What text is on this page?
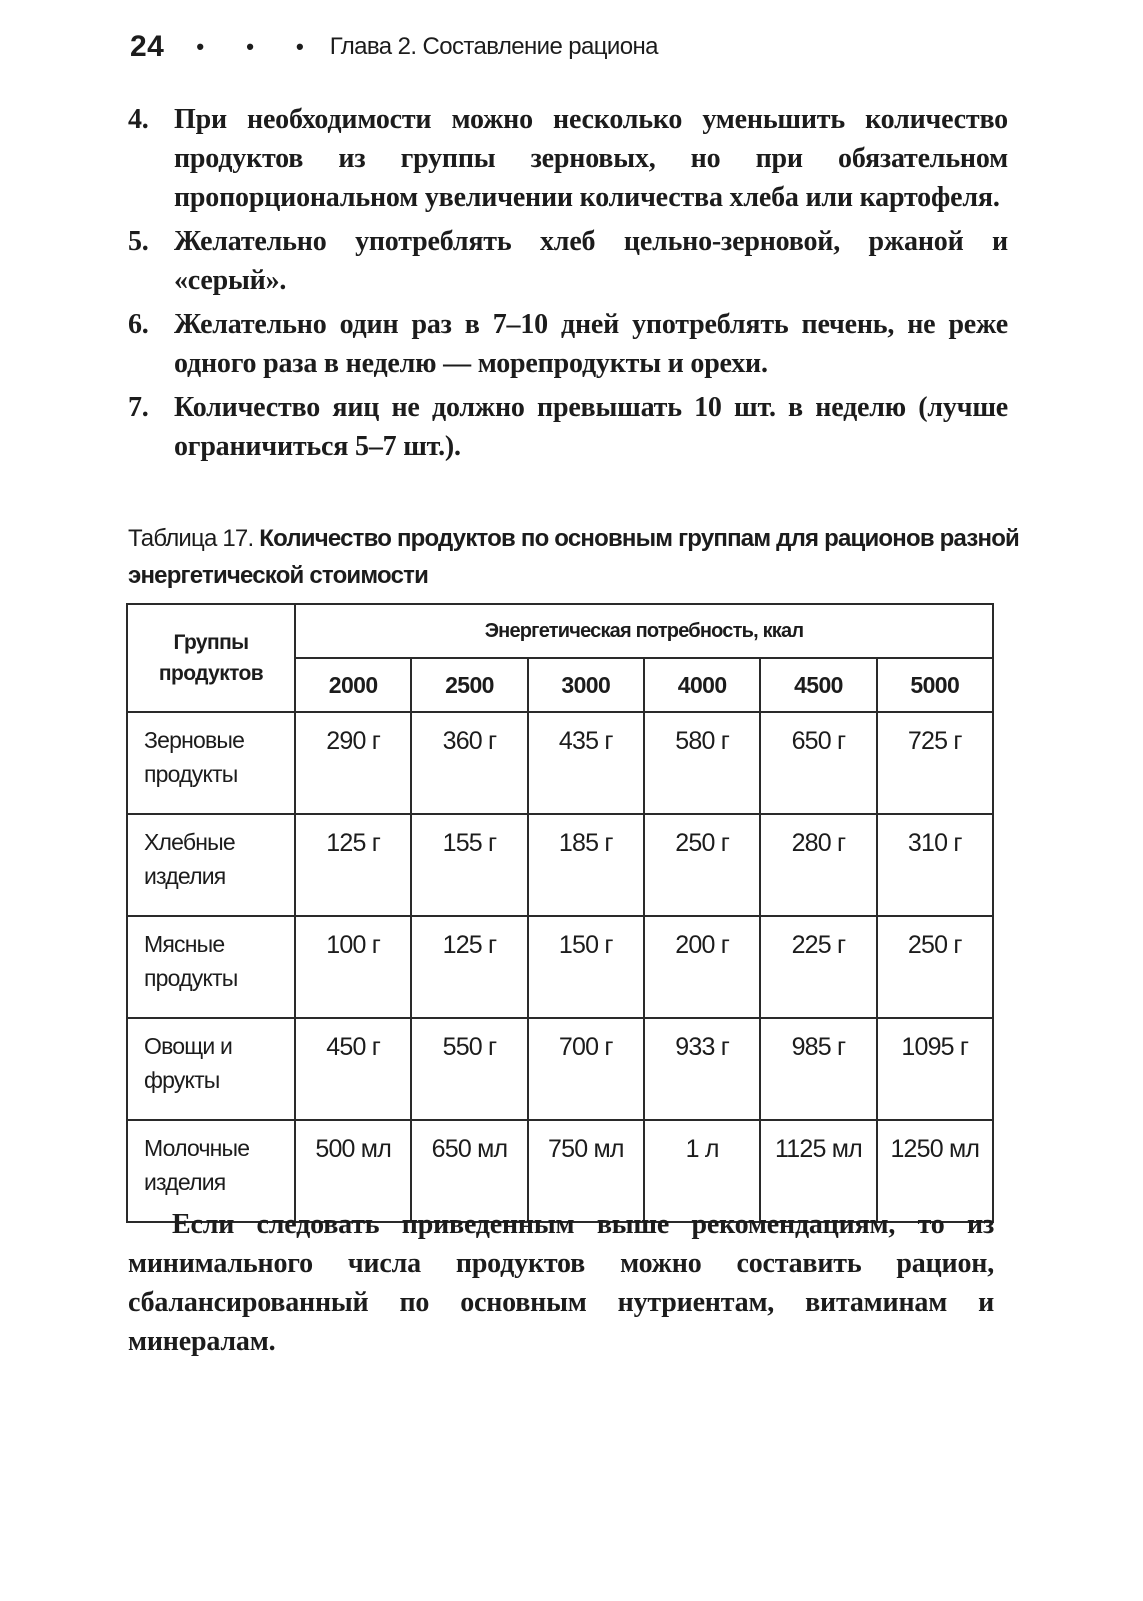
24 • • • Глава 2. Составление рациона
4. При необходимости можно несколько уменьшить количество продуктов из группы зерновых, но при обязательном пропорциональном увеличении количества хлеба или картофеля.
5. Желательно употреблять хлеб цельно-зерновой, ржаной и «серый».
6. Желательно один раз в 7–10 дней употреблять печень, не реже одного раза в неделю — морепродукты и орехи.
7. Количество яиц не должно превышать 10 шт. в неделю (лучше ограничиться 5–7 шт.).
Таблица 17. Количество продуктов по основным группам для рационов разной энергетической стоимости
Группы продуктов	Энергетическая потребность, ккал					
	2000	2500	3000	4000	4500	5000
Зерновые продукты	290 г	360 г	435 г	580 г	650 г	725 г
Хлебные изделия	125 г	155 г	185 г	250 г	280 г	310 г
Мясные продукты	100 г	125 г	150 г	200 г	225 г	250 г
Овощи и фрукты	450 г	550 г	700 г	933 г	985 г	1095 г
Молочные изделия	500 мл	650 мл	750 мл	1 л	1125 мл	1250 мл

Если следовать приведенным выше рекомендациям, то из минимального числа продуктов можно составить рацион, сбалансированный по основным нутриентам, витаминам и минералам.
